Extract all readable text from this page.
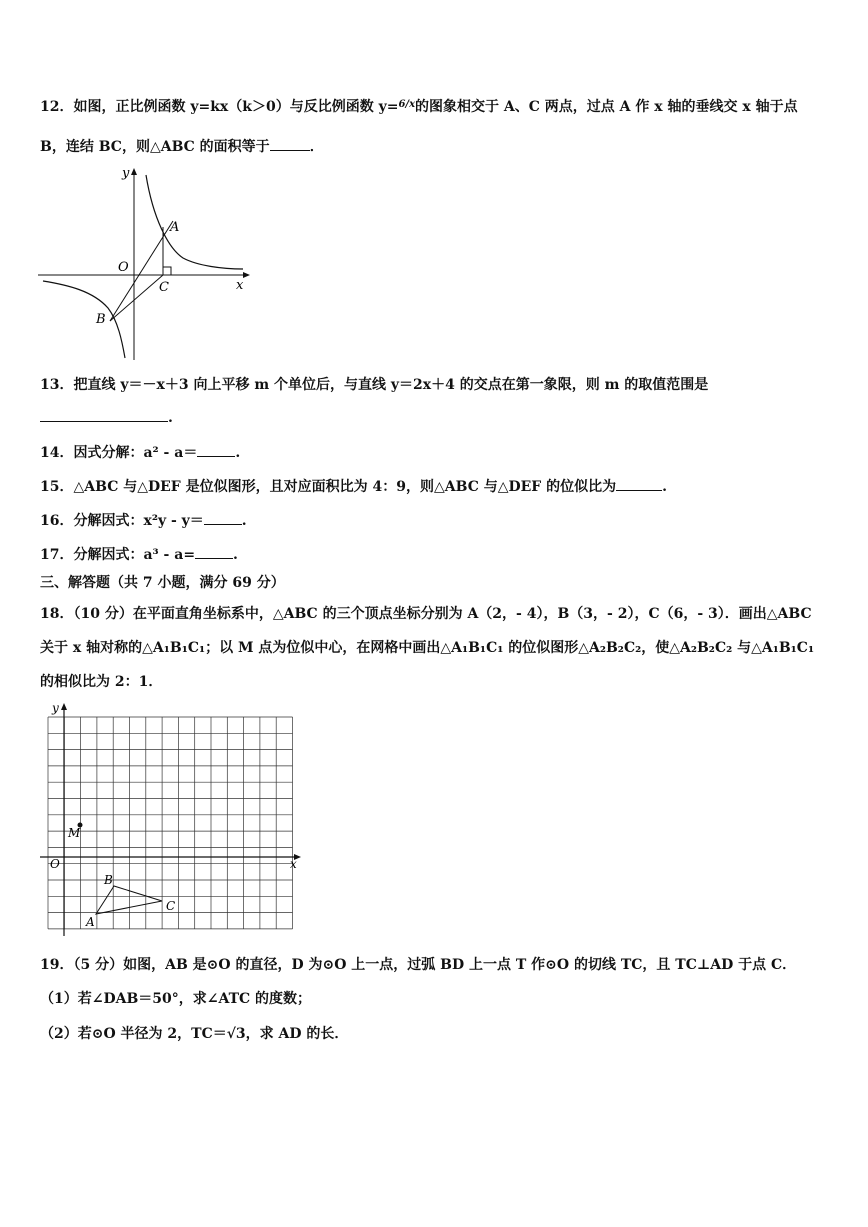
12．如图，正比例函数 y=kx（k＞0）与反比例函数 y=$^{6/x}$的图象相交于 A、C 两点，过点 A 作 x 轴的垂线交 x 轴于点
B，连结 BC，则△ABC 的面积等于	．
y
x
O
A
B
C
13．把直线 y＝－x＋3 向上平移 m 个单位后，与直线 y＝2x＋4 的交点在第一象限，则 m 的取值范围是
.
14．因式分解：a² - a＝	.
15．△ABC 与△DEF 是位似图形，且对应面积比为 4：9，则△ABC 与△DEF 的位似比为	.
16．分解因式：x²y - y＝	.
17．分解因式：a³ - a=	.
三、解答题（共 7 小题，满分 69 分）
18．（10 分）在平面直角坐标系中，△ABC 的三个顶点坐标分别为 A（2，- 4），B（3，- 2），C（6，- 3）．画出△ABC
关于 x 轴对称的△A₁B₁C₁；以 M 点为位似中心，在网格中画出△A₁B₁C₁ 的位似图形△A₂B₂C₂，使△A₂B₂C₂ 与△A₁B₁C₁
的相似比为 2：1．
y
x
O
M
A
B
C
19．（5 分）如图，AB 是⊙O 的直径，D 为⊙O 上一点，过弧 BD 上一点 T 作⊙O 的切线 TC，且 TC⊥AD 于点 C．
（1）若∠DAB＝50°，求∠ATC 的度数；
（2）若⊙O 半径为 2，TC＝√3，求 AD 的长．
